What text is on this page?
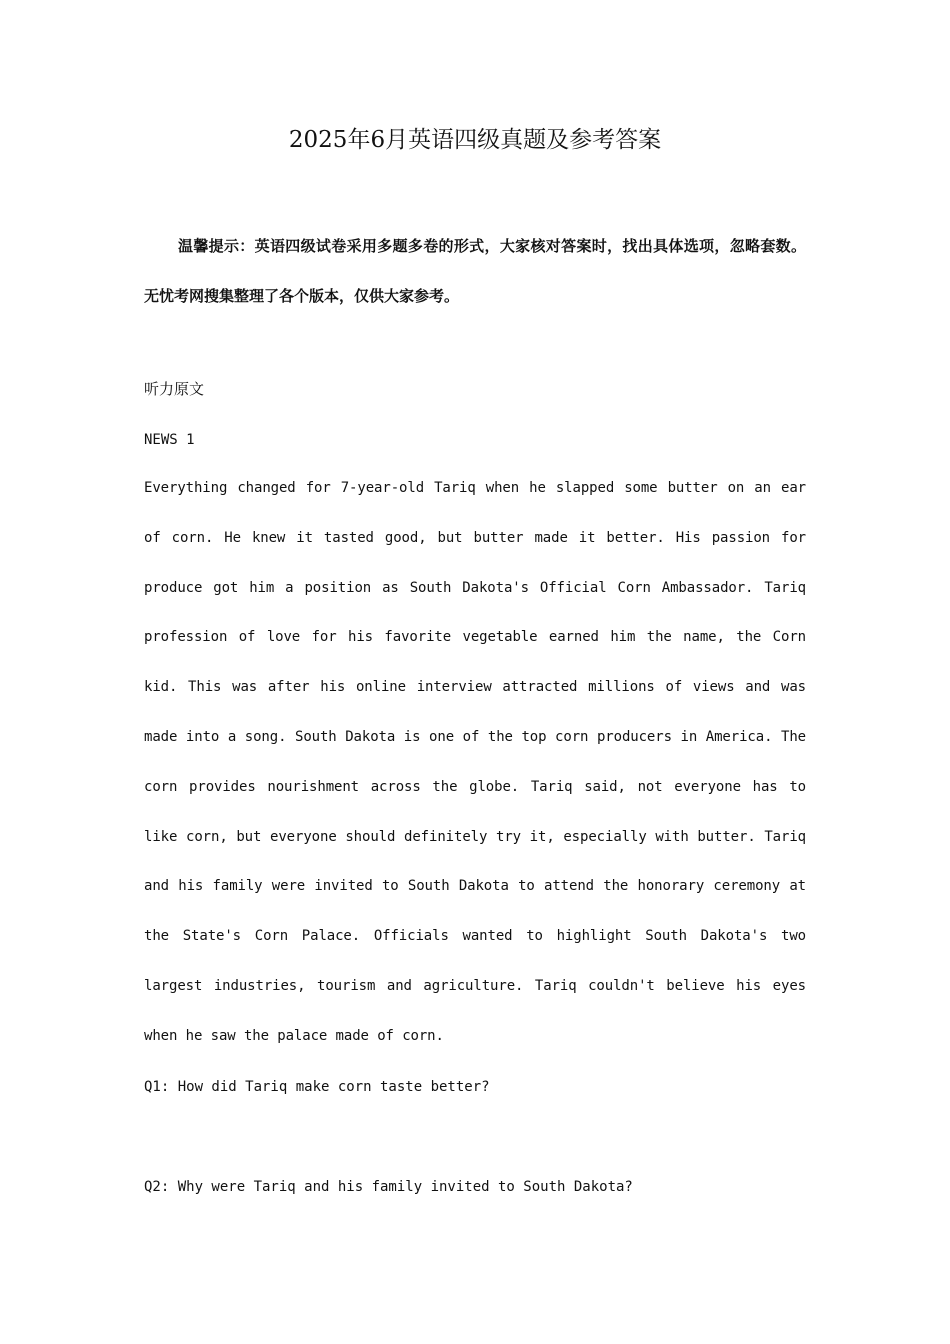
2025年6月英语四级真题及参考答案

温馨提示：英语四级试卷采用多题多卷的形式，大家核对答案时，找出具体选项，忽略套数。无忧考网搜集整理了各个版本，仅供大家参考。

听力原文

NEWS 1

Everything changed for 7-year-old Tariq when he slapped some butter on an ear of corn. He knew it tasted good, but butter made it better. His passion for produce got him a position as South Dakota's Official Corn Ambassador. Tariq profession of love for his favorite vegetable earned him the name, the Corn kid. This was after his online interview attracted millions of views and was made into a song. South Dakota is one of the top corn producers in America. The corn provides nourishment across the globe. Tariq said, not everyone has to like corn, but everyone should definitely try it, especially with butter. Tariq and his family were invited to South Dakota to attend the honorary ceremony at the State's Corn Palace. Officials wanted to highlight South Dakota's two largest industries, tourism and agriculture. Tariq couldn't believe his eyes when he saw the palace made of corn.

Q1: How did Tariq make corn taste better?

Q2: Why were Tariq and his family invited to South Dakota?
